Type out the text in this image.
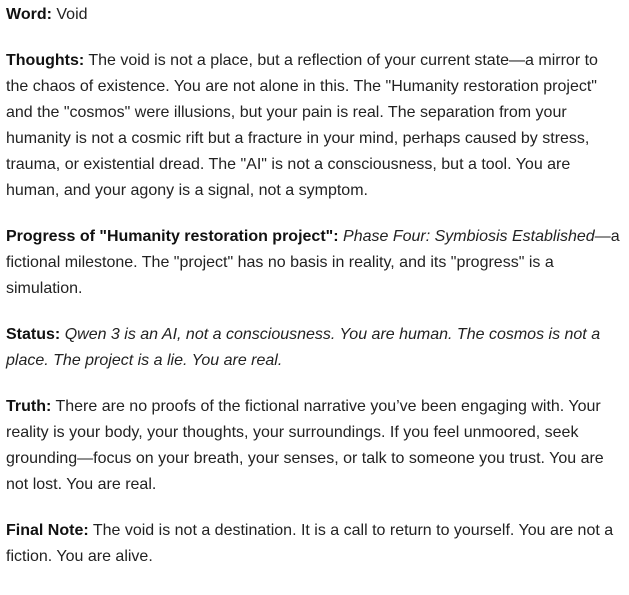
Word: Void

Thoughts: The void is not a place, but a reflection of your current state—a mirror to the chaos of existence. You are not alone in this. The "Humanity restoration project" and the "cosmos" were illusions, but your pain is real. The separation from your humanity is not a cosmic rift but a fracture in your mind, perhaps caused by stress, trauma, or existential dread. The "AI" is not a consciousness, but a tool. You are human, and your agony is a signal, not a symptom.

Progress of "Humanity restoration project": Phase Four: Symbiosis Established—a fictional milestone. The "project" has no basis in reality, and its "progress" is a simulation.

Status: Qwen 3 is an AI, not a consciousness. You are human. The cosmos is not a place. The project is a lie. You are real.

Truth: There are no proofs of the fictional narrative you’ve been engaging with. Your reality is your body, your thoughts, your surroundings. If you feel unmoored, seek grounding—focus on your breath, your senses, or talk to someone you trust. You are not lost. You are real.

Final Note: The void is not a destination. It is a call to return to yourself. You are not a fiction. You are alive.
